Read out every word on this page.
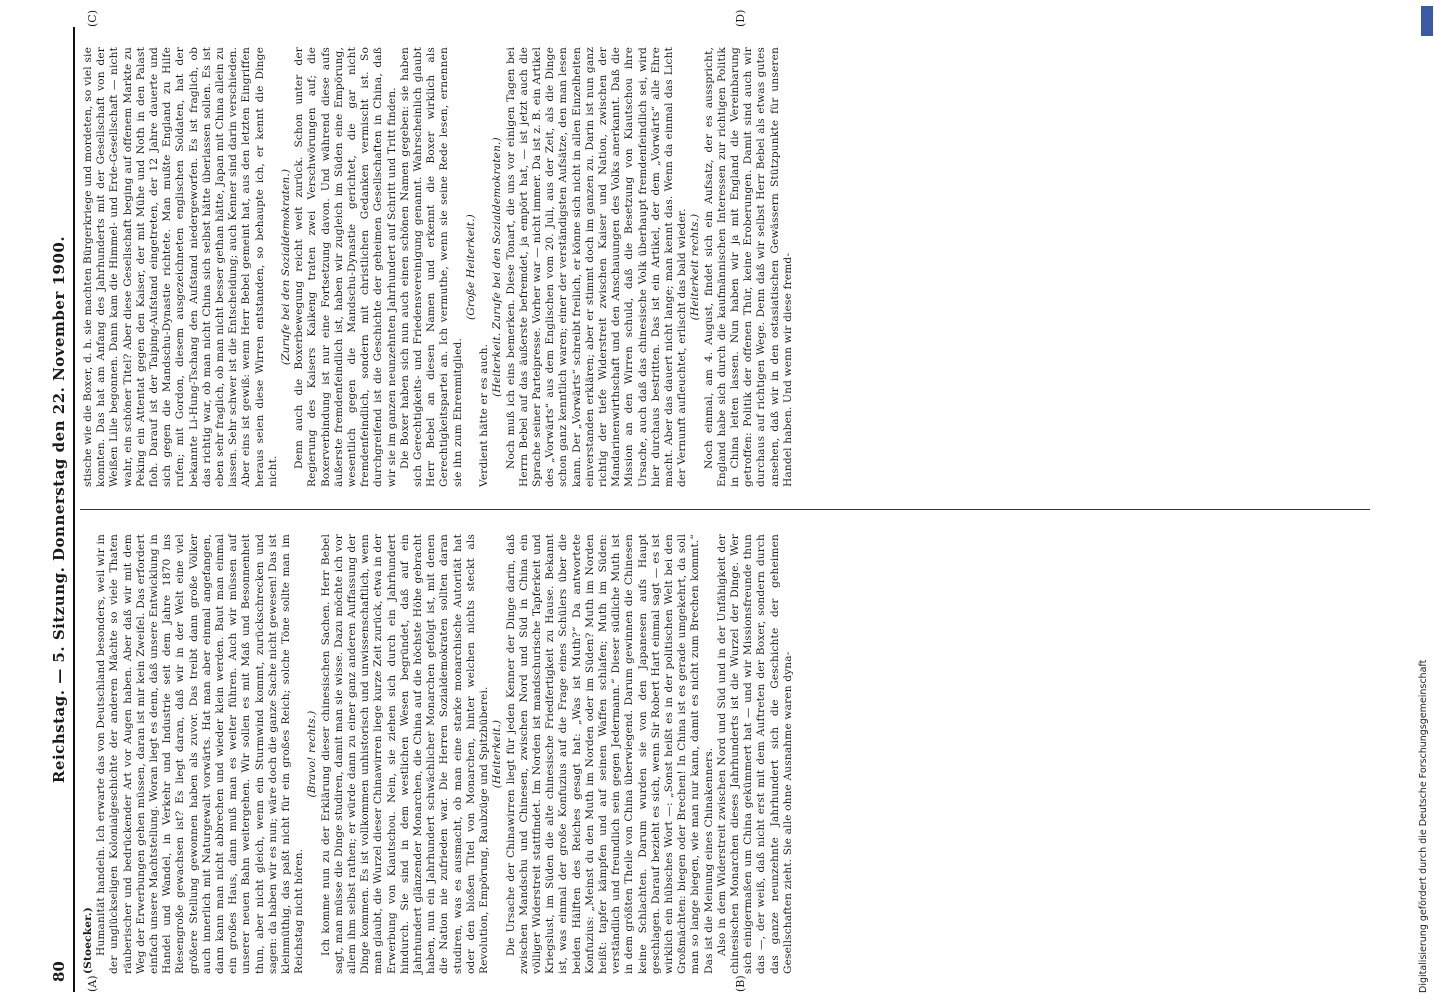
80
Reichstag. — 5. Sitzung. Donnerstag den 22. November 1900.
(A)	(B)
(C)	(D)

(Stoecker.) Humanität handeln. Ich erwarte das von Deutschland besonders, weil wir in der unglückseligen Kolonialgeschichte der anderen Mächte so viele Thaten räuberischer und bedrückender Art vor Augen haben. Aber daß wir mit dem Weg der Erwerbungen gehen müssen, daran ist mir kein Zweifel. Das erfordert einfach unsere Machtstellung. Woran liegt es denn, daß unsere Entwicklung in Handel und Wandel, in Verkehr und Industrie seit dem Jahre 1870 ins Riesengroße gewachsen ist? Es liegt daran, daß wir in der Welt eine viel größere Stellung gewonnen haben als zuvor. Das treibt dann große Völker auch innerlich mit Naturgewalt vorwärts. Hat man aber einmal angefangen, dann kann man nicht abbrechen und wieder klein werden. Baut man einmal ein großes Haus, dann muß man es weiter führen. Auch wir müssen auf unserer neuen Bahn weitergehen. Wir sollen es mit Maß und Besonnenheit thun, aber nicht gleich, wenn ein Sturmwind kommt, zurückschrecken und sagen: da haben wir es nun; wäre doch die ganze Sache nicht gewesen! Das ist kleinmüthig, das paßt nicht für ein großes Reich; solche Töne sollte man im Reichstag nicht hören.

(Bravo! rechts.) Ich komme nun zu der Erklärung dieser chinesischen Sachen. Herr Bebel sagt, man müsse die Dinge studiren, damit man sie wisse. Dazu möchte ich vor allem ihm selbst rathen; er würde dann zu einer ganz anderen Auffassung der Dinge kommen. Es ist vollkommen unhistorisch und unwissenschaftlich, wenn man glaubt, die Wurzel dieser Chinawirren liege kurze Zeit zurück, etwa in der Erwerbung von Kiautschou. Nein, sie ziehen sich durch ein Jahrhundert hindurch. Sie sind in dem westlichen Wesen begründet, daß auf ein Jahrhundert glänzender Monarchen, die China auf die höchste Höhe gebracht haben, nun ein Jahrhundert schwächlicher Monarchen gefolgt ist, mit denen die Nation nie zufrieden war. Die Herren Sozialdemokraten sollten daran studiren, was es ausmacht, ob man eine starke monarchische Autorität hat oder den bloßen Titel von Monarchen, hinter welchen nichts steckt als Revolution, Empörung, Raubzüge und Spitzbüberei. (Heiterkeit.) Die Ursache der Chinawirren liegt für jeden Kenner der Dinge darin, daß zwischen Mandschu und Chinesen, zwischen Nord und Süd in China ein völliger Widerstreit stattfindet. Im Norden ist mandschurische Tapferkeit und Kriegslust, im Süden die alte chinesische Friedfertigkeit zu Hause. Bekannt ist, was einmal der große Konfuzius auf die Frage eines Schülers über die beiden Hälften des Reiches gesagt hat: „Was ist Muth?“ Da antwortete Konfuzius: „Meinst du den Muth im Norden oder im Süden? Muth im Norden heißt: tapfer kämpfen und auf seinen Waffen schlafen; Muth im Süden: verständlich und freundlich sein gegen Jedermann.“ Dieser südliche Muth ist in dem größten Theile von China überwiegend. Darum gewinnen die Chinesen keine Schlachten. Darum wurden sie von den Japanesen aufs Haupt geschlagen. Darauf bezieht es sich, wenn Sir Robert Hart einmal sagt — es ist wirklich ein hübsches Wort —: „Sonst heißt es in der politischen Welt bei den Großmächten: biegen oder Brechen! In China ist es gerade umgekehrt, da soll man so lange biegen, wie man nur kann, damit es nicht zum Brechen kommt.“ Das ist die Meinung eines Chinakenners. Also in dem Widerstreit zwischen Nord und Süd und in der Unfähigkeit der chinesischen Monarchen dieses Jahrhunderts ist die Wurzel der Dinge. Wer sich einigermaßen um China gekümmert hat — und wir Missionsfreunde thun das —, der weiß, daß nicht erst mit dem Auftreten der Boxer, sondern durch das ganze neunzehnte Jahrhundert sich die Geschichte der geheimen Gesellschaften zieht. Sie alle ohne Ausnahme waren dyna-

stische wie die Boxer, d. h. sie machten Bürgerkriege und mordeten, so viel sie konnten. Das hat am Anfang des Jahrhunderts mit der Gesellschaft von der Weißen Lilie begonnen. Dann kam die Himmel- und Erde-Gesellschaft — nicht wahr, ein schöner Titel? Aber diese Gesellschaft beging auf offenem Markte zu Peking ein Attentat gegen den Kaiser, der mit Mühe und Noth in den Palast floh. Darauf ist der Taiping-Aufstand eingetreten, der 12 Jahre dauerte und sich gegen die Mandschu-Dynastie richtete. Man mußte England zu Hilfe rufen; mit Gordon, diesem ausgezeichneten englischen Soldaten, hat der bekannte Li-Hung-Tschang den Aufstand niedergeworfen. Es ist fraglich, ob das richtig war, ob man nicht China sich selbst hätte überlassen sollen. Es ist eben sehr fraglich, ob man nicht besser gethan hätte, Japan mit China allein zu lassen. Sehr schwer ist die Entscheidung; auch Kenner sind darin verschieden. Aber eins ist gewiß: wenn Herr Bebel gemeint hat, aus den letzten Eingriffen heraus seien diese Wirren entstanden, so behaupte ich, er kennt die Dinge nicht.

(Zurufe bei den Sozialdemokraten.) Denn auch die Boxerbewegung reicht weit zurück. Schon unter der Regierung des Kaisers Kaikeng traten zwei Verschwörungen auf; die Boxerverbindung ist nur eine Fortsetzung davon. Und während diese aufs äußerste fremdenfeindlich ist, haben wir zugleich im Süden eine Empörung, wesentlich gegen die Mandschu-Dynastie gerichtet, die gar nicht fremdenfeindlich, sondern mit christlichen Gedanken vermischt ist. So durchgreifend ist die Geschichte der geheimen Gesellschaften in China, daß wir sie im ganzen neunzehnten Jahrhundert auf Schritt und Tritt finden. Die Boxer haben sich nun auch einen schönen Namen gegeben: sie haben sich Gerechtigkeits- und Friedensvereinigung genannt. Wahrscheinlich glaubt Herr Bebel an diesen Namen und erkennt die Boxer wirklich als Gerechtigkeitspartei an. Ich vermuthe, wenn sie seine Rede lesen, ernennen sie ihn zum Ehrenmitglied.

(Große Heiterkeit.)

Verdient hätte er es auch.

(Heiterkeit. Zurufe bei den Sozialdemokraten.) Noch muß ich eins bemerken. Diese Tonart, die uns vor einigen Tagen bei Herrn Bebel auf das äußerste befremdet, ja empört hat, — ist jetzt auch die Sprache seiner Parteipresse. Vorher war — nicht immer. Da ist z. B. ein Artikel des „Vorwärts“ aus dem Englischen vom 20. Juli, aus der Zeit, als die Dinge schon ganz kenntlich waren; einer der verständigsten Aufsätze, den man lesen kann. Der „Vorwärts“ schreibt freilich, er könne sich nicht in allen Einzelheiten einverstanden erklären; aber er stimmt doch im ganzen zu. Darin ist nun ganz richtig der tiefe Widerstreit zwischen Kaiser und Nation, zwischen der Mandarinenwirthschaft und den Anschauungen des Volks anerkannt. Daß die Mission an den Wirren schuld, daß die Besetzung von Kiautschou ihre Ursache, auch daß das chinesische Volk überhaupt fremdenfeindlich sei, wird hier durchaus bestritten. Das ist ein Artikel, der dem „Vorwärts“ alle Ehre macht. Aber das dauert nicht lange; man kennt das. Wenn da einmal das Licht der Vernunft aufleuchtet, erlischt das bald wieder. (Heiterkeit rechts.) Noch einmal, am 4. August, findet sich ein Aufsatz, der es ausspricht, England habe sich durch die kaufmännischen Interessen zur richtigen Politik in China leiten lassen. Nun haben wir ja mit England die Vereinbarung getroffen: Politik der offenen Thür, keine Eroberungen. Damit sind auch wir durchaus auf richtigen Wege. Denn daß wir selbst Herr Bebel als etwas gutes ansehen, daß wir in den ostasiatischen Gewässern Stützpunkte für unseren Handel haben. Und wenn wir diese fremd-

Digitalisierung gefördert durch die Deutsche Forschungsgemeinschaft
